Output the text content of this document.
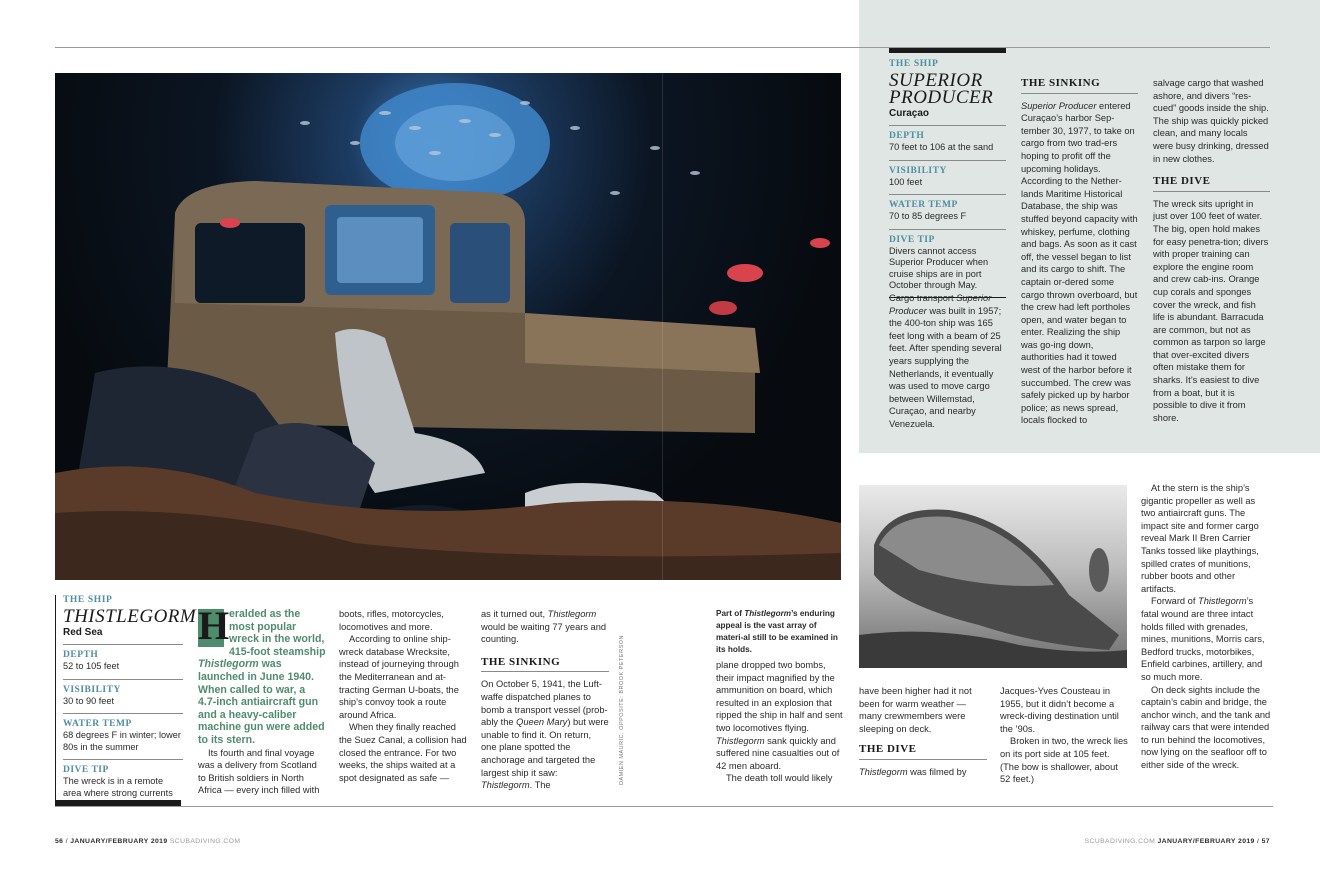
THE SHIP
THISTLEGORM
Red Sea
DEPTH
52 to 105 feet
VISIBILITY
30 to 90 feet
WATER TEMP
68 degrees F in winter; lower 80s in the summer
DIVE TIP
The wreck is in a remote area where strong currents

H eralded as the most popular wreck in the world, 415-foot steamship Thistlegorm was launched in June 1940. When called to war, a 4.7-inch antiaircraft gun and a heavy-caliber machine gun were added to its stern.

Its fourth and final voyage was a delivery from Scotland to British soldiers in North Africa — every inch filled with

boots, rifles, motorcycles, locomotives and more.

According to online ship-wreck database Wrecksite, instead of journeying through the Mediterranean and at-tracting German U-boats, the ship’s convoy took a route around Africa.

When they finally reached the Suez Canal, a collision had closed the entrance. For two weeks, the ships waited at a spot designated as safe —

as it turned out, Thistlegorm would be waiting 77 years and counting.

THE SINKING

On October 5, 1941, the Luft-waffe dispatched planes to bomb a transport vessel (prob-ably the Queen Mary) but were unable to find it. On return, one plane spotted the anchorage and targeted the largest ship it saw: Thistlegorm. The

DAMIEN MAURIC; OPPOSITE: BROOK PETERSON
Part of Thistlegorm’s enduring appeal is the vast array of materi-al still to be examined in its holds.

plane dropped two bombs, their impact magnified by the ammunition on board, which resulted in an explosion that ripped the ship in half and sent two locomotives flying. Thistlegorm sank quickly and suffered nine casualties out of 42 men aboard.

The death toll would likely

THE SHIP
SUPERIOR PRODUCER
Curaçao
DEPTH
70 feet to 106 at the sand
VISIBILITY
100 feet
WATER TEMP
70 to 85 degrees F
DIVE TIP
Divers cannot access Superior Producer when cruise ships are in port October through May.

Cargo transport Superior Producer was built in 1957; the 400-ton ship was 165 feet long with a beam of 25 feet. After spending several years supplying the Netherlands, it eventually was used to move cargo between Willemstad, Curaçao, and nearby Venezuela.

THE SINKING

Superior Producer entered Curaçao’s harbor Sep-tember 30, 1977, to take on cargo from two trad-ers hoping to profit off the upcoming holidays. According to the Nether-lands Maritime Historical Database, the ship was stuffed beyond capacity with whiskey, perfume, clothing and bags. As soon as it cast off, the vessel began to list and its cargo to shift. The captain or-dered some cargo thrown overboard, but the crew had left portholes open, and water began to enter. Realizing the ship was go-ing down, authorities had it towed west of the harbor before it succumbed. The crew was safely picked up by harbor police; as news spread, locals flocked to

salvage cargo that washed ashore, and divers “res-cued” goods inside the ship. The ship was quickly picked clean, and many locals were busy drinking, dressed in new clothes.

THE DIVE

The wreck sits upright in just over 100 feet of water. The big, open hold makes for easy penetra-tion; divers with proper training can explore the engine room and crew cab-ins. Orange cup corals and sponges cover the wreck, and fish life is abundant. Barracuda are common, but not as common as tarpon so large that over-excited divers often mistake them for sharks. It’s easiest to dive from a boat, but it is possible to dive it from shore.

have been higher had it not been for warm weather — many crewmembers were sleeping on deck.

THE DIVE

Thistlegorm was filmed by

Jacques-Yves Cousteau in 1955, but it didn’t become a wreck-diving destination until the ’90s.

Broken in two, the wreck lies on its port side at 105 feet. (The bow is shallower, about 52 feet.)

At the stern is the ship’s gigantic propeller as well as two antiaircraft guns. The impact site and former cargo reveal Mark II Bren Carrier Tanks tossed like playthings, spilled crates of munitions, rubber boots and other artifacts.

Forward of Thistlegorm’s fatal wound are three intact holds filled with grenades, mines, munitions, Morris cars, Bedford trucks, motorbikes, Enfield carbines, artillery, and so much more.

On deck sights include the captain’s cabin and bridge, the anchor winch, and the tank and railway cars that were intended to run behind the locomotives, now lying on the seafloor off to either side of the wreck.

56 / JANUARY/FEBRUARY 2019 SCUBADIVING.COM	SCUBADIVING.COM JANUARY/FEBRUARY 2019 / 57
